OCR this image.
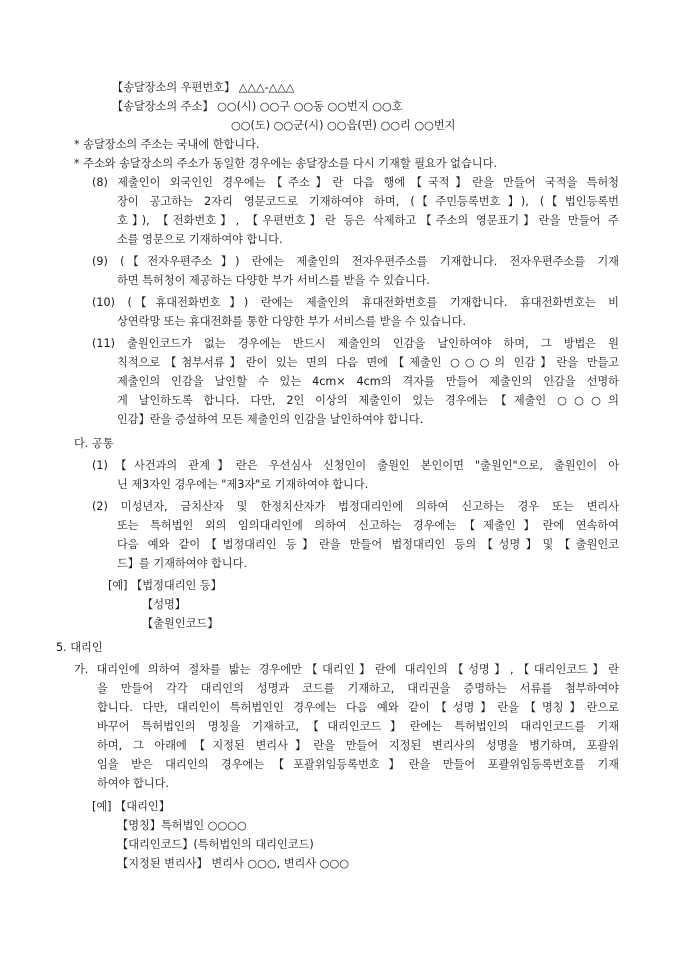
【송달장소의 우편번호】 △△△-△△△
【송달장소의 주소】 ○○(시) ○○구 ○○동 ○○번지 ○○호
○○(도) ○○군(시) ○○읍(면) ○○리 ○○번지
* 송달장소의 주소는 국내에 한합니다.
* 주소와 송달장소의 주소가 동일한 경우에는 송달장소를 다시 기재할 필요가 없습니다.
(8) 제출인이 외국인인 경우에는【주소】란 다음 행에【국적】란을 만들어 국적을 특허청
장이 공고하는 2자리 영문코드로 기재하여야 하며, (【주민등록번호】), (【법인등록번
호】), 【전화번호】, 【우편번호】란 등은 삭제하고【주소의 영문표기】란을 만들어 주
소를 영문으로 기재하여야 합니다.
(9) (【전자우편주소】) 란에는 제출인의 전자우편주소를 기재합니다. 전자우편주소를 기재
하면 특허청이 제공하는 다양한 부가 서비스를 받을 수 있습니다.
(10) (【휴대전화번호】) 란에는 제출인의 휴대전화번호를 기재합니다. 휴대전화번호는 비
상연락망 또는 휴대전화를 통한 다양한 부가 서비스를 받을 수 있습니다.
(11) 출원인코드가 없는 경우에는 반드시 제출인의 인감을 날인하여야 하며, 그 방법은 원
칙적으로【첨부서류】란이 있는 면의 다음 면에【제출인 ○○○의 인감】란을 만들고
제출인의 인감을 날인할 수 있는 4cm× 4cm의 격자를 만들어 제출인의 인감을 선명하
게 날인하도록 합니다. 다만, 2인 이상의 제출인이 있는 경우에는【제출인 ○○○의
인감】란을 증설하여 모든 제출인의 인감을 날인하여야 합니다.
다. 공통
(1)【사건과의 관계】란은 우선심사 신청인이 출원인 본인이면 "출원인"으로, 출원인이 아
닌 제3자인 경우에는 "제3자"로 기재하여야 합니다.
(2) 미성년자, 금치산자 및 한정치산자가 법정대리인에 의하여 신고하는 경우 또는 변리사
또는 특허법인 외의 임의대리인에 의하여 신고하는 경우에는【제출인】란에 연속하여
다음 예와 같이【법정대리인 등】란을 만들어 법정대리인 등의【성명】및【출원인코
드】를 기재하여야 합니다.
[예] 【법정대리인 등】
【성명】
【출원인코드】
5. 대리인
가. 대리인에 의하여 절차를 밟는 경우에만【대리인】란에 대리인의【성명】,【대리인코드】란
을 만들어 각각 대리인의 성명과 코드를 기재하고, 대리권을 증명하는 서류를 첨부하여야
합니다. 다만, 대리인이 특허법인인 경우에는 다음 예와 같이【성명】란을【명칭】란으로
바꾸어 특허법인의 명칭을 기재하고,【대리인코드】란에는 특허법인의 대리인코드를 기재
하며, 그 아래에【지정된 변리사】란을 만들어 지정된 변리사의 성명을 병기하며, 포괄위
임을 받은 대리인의 경우에는【포괄위임등록번호】란을 만들어 포괄위임등록번호를 기재
하여야 합니다.
[예] 【대리인】
【명칭】특허법인 ○○○○
【대리인코드】(특허법인의 대리인코드)
【지정된 변리사】 변리사 ○○○, 변리사 ○○○
